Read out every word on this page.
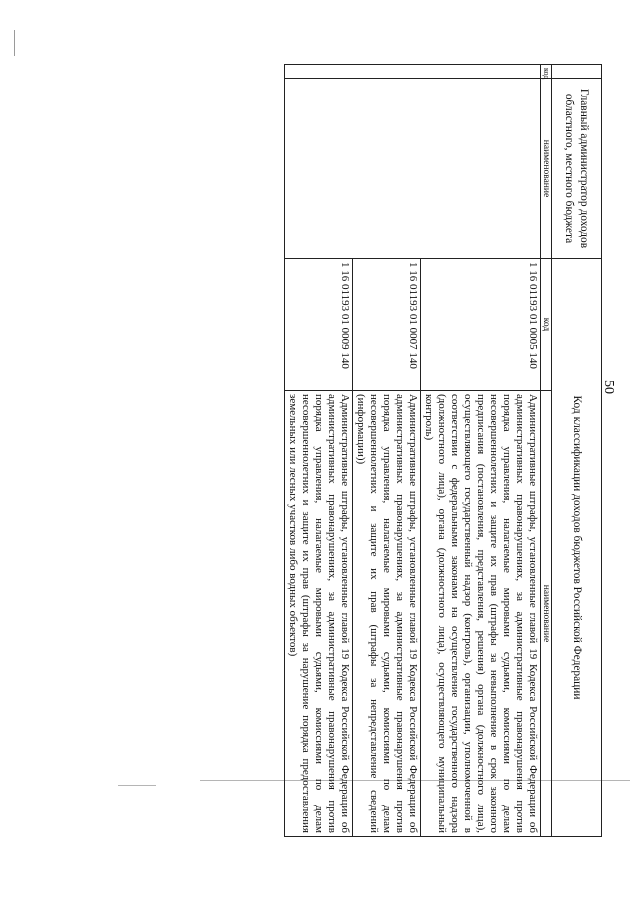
50
	Главный администратор доходов областного, местного бюджета	Код классификации доходов бюджетов Российской Федерации	
код	наименование	код	наименование
		1 16 01193 01 0005 140	Административные штрафы, установленные главой 19 Кодекса Российской Федерации об административных правонарушениях, за административные правонарушения против порядка управления, налагаемые мировыми судьями, комиссиями по делам несовершеннолетних и защите их прав (штрафы за невыполнение в срок законного предписания (постановления, представления, решения) органа (должностного лица), осуществляющего государственный надзор (контроль), организации, уполномоченной в соответствии с федеральными законами на осуществление государственного надзора (должностного лица), органа (должностного лица), осуществляющего муниципальный контроль)
		1 16 01193 01 0007 140	Административные штрафы, установленные главой 19 Кодекса Российской Федерации об административных правонарушениях, за административные правонарушения против порядка управления, налагаемые мировыми судьями, комиссиями по делам несовершеннолетних и защите их прав (штрафы за непредставление сведений (информации))
		1 16 01193 01 0009 140	Административные штрафы, установленные главой 19 Кодекса Российской Федерации об административных правонарушениях, за административные правонарушения против порядка управления, налагаемые мировыми судьями, комиссиями по делам несовершеннолетних и защите их прав (штрафы за нарушение порядка предоставления земельных или лесных участков либо водных объектов)
